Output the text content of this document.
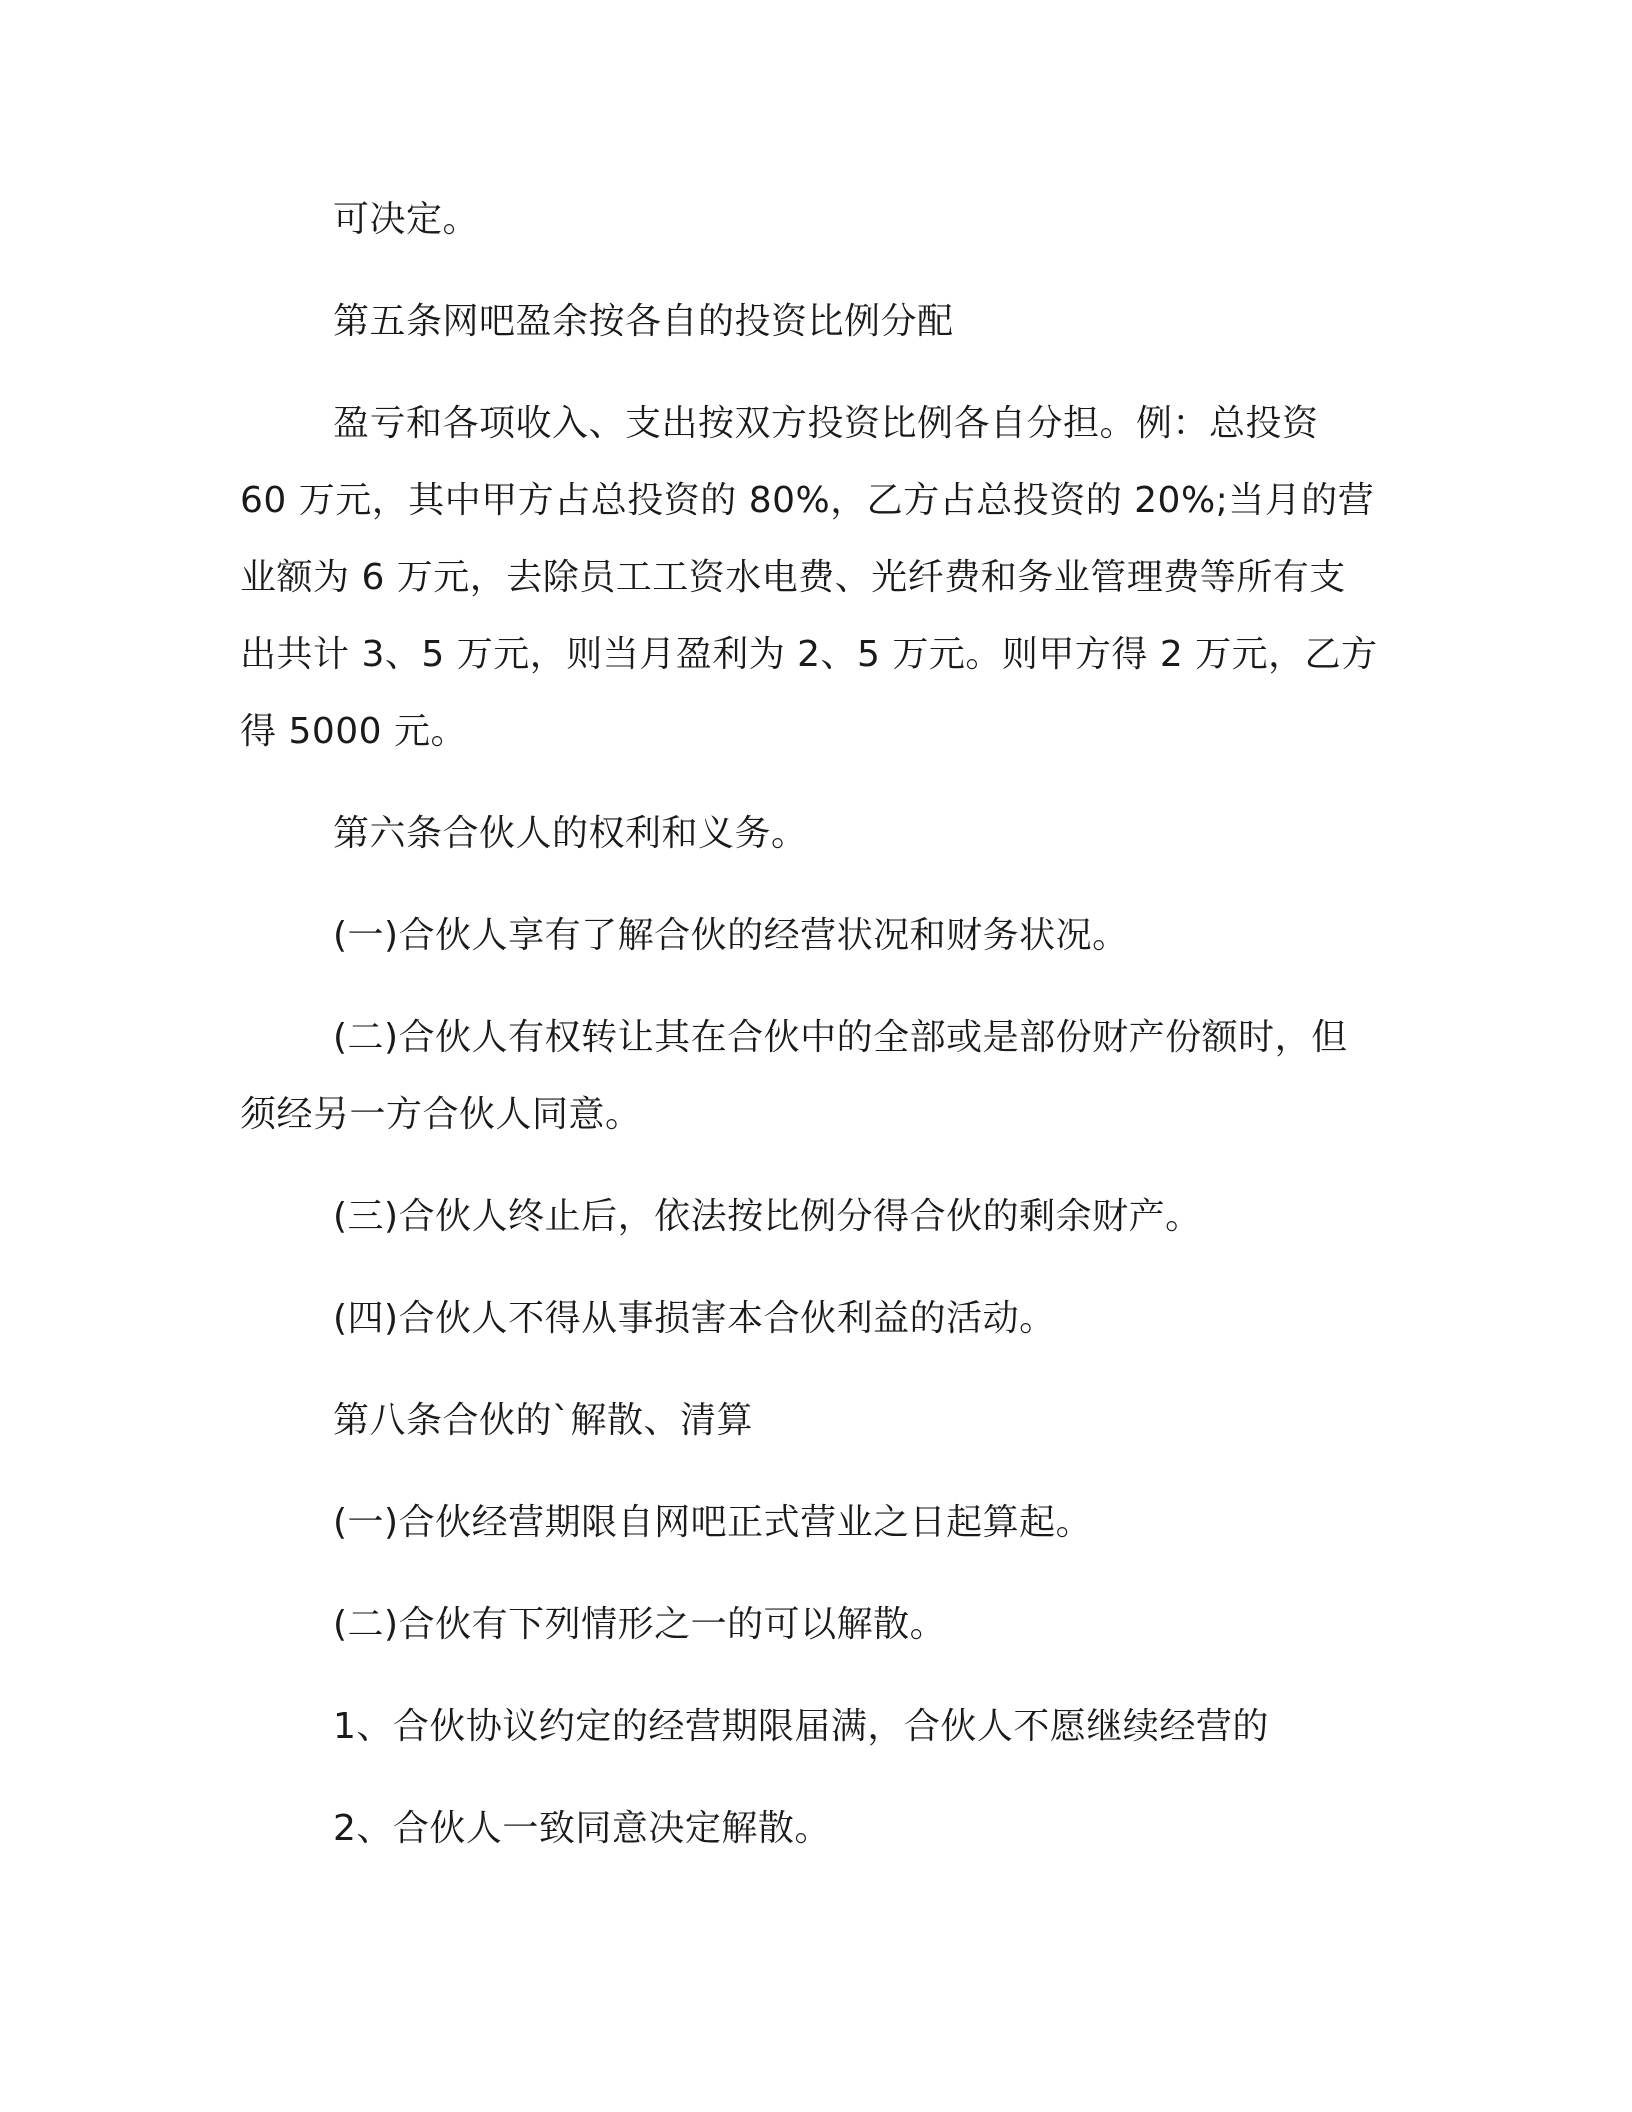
可决定。
第五条网吧盈余按各自的投资比例分配
盈亏和各项收入、支出按双方投资比例各自分担。例：总投资
60 万元，其中甲方占总投资的 80%，乙方占总投资的 20%;当月的营
业额为 6 万元，去除员工工资水电费、光纤费和务业管理费等所有支
出共计 3、5 万元，则当月盈利为 2、5 万元。则甲方得 2 万元，乙方
得 5000 元。
第六条合伙人的权利和义务。
(一)合伙人享有了解合伙的经营状况和财务状况。
(二)合伙人有权转让其在合伙中的全部或是部份财产份额时，但
须经另一方合伙人同意。
(三)合伙人终止后，依法按比例分得合伙的剩余财产。
(四)合伙人不得从事损害本合伙利益的活动。
第八条合伙的`解散、清算
(一)合伙经营期限自网吧正式营业之日起算起。
(二)合伙有下列情形之一的可以解散。
1、合伙协议约定的经营期限届满，合伙人不愿继续经营的
2、合伙人一致同意决定解散。
